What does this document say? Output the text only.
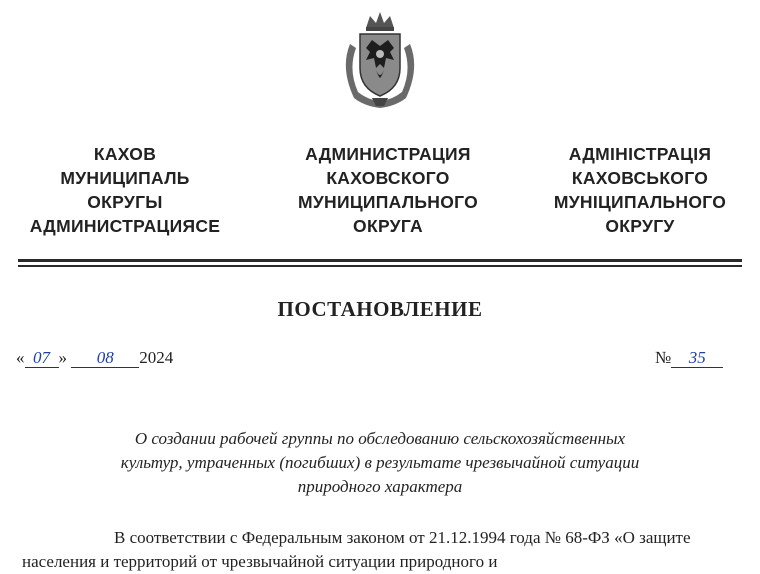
КАХОВ
МУНИЦИПАЛЬ
ОКРУГЫ
АДМИНИСТРАЦИЯСЕ
АДМИНИСТРАЦИЯ
КАХОВСКОГО
МУНИЦИПАЛЬНОГО
ОКРУГА
АДМІНІСТРАЦІЯ
КАХОВСЬКОГО
МУНІЦИПАЛЬНОГО
ОКРУГУ
ПОСТАНОВЛЕНИЕ
« 07 » 08 2024	№ 35
О создании рабочей группы по обследованию сельскохозяйственных
культур, утраченных (погибших) в результате чрезвычайной ситуации
природного характера
В соответствии с Федеральным законом от 21.12.1994 года № 68-ФЗ «О защите населения и территорий от чрезвычайной ситуации природного и
